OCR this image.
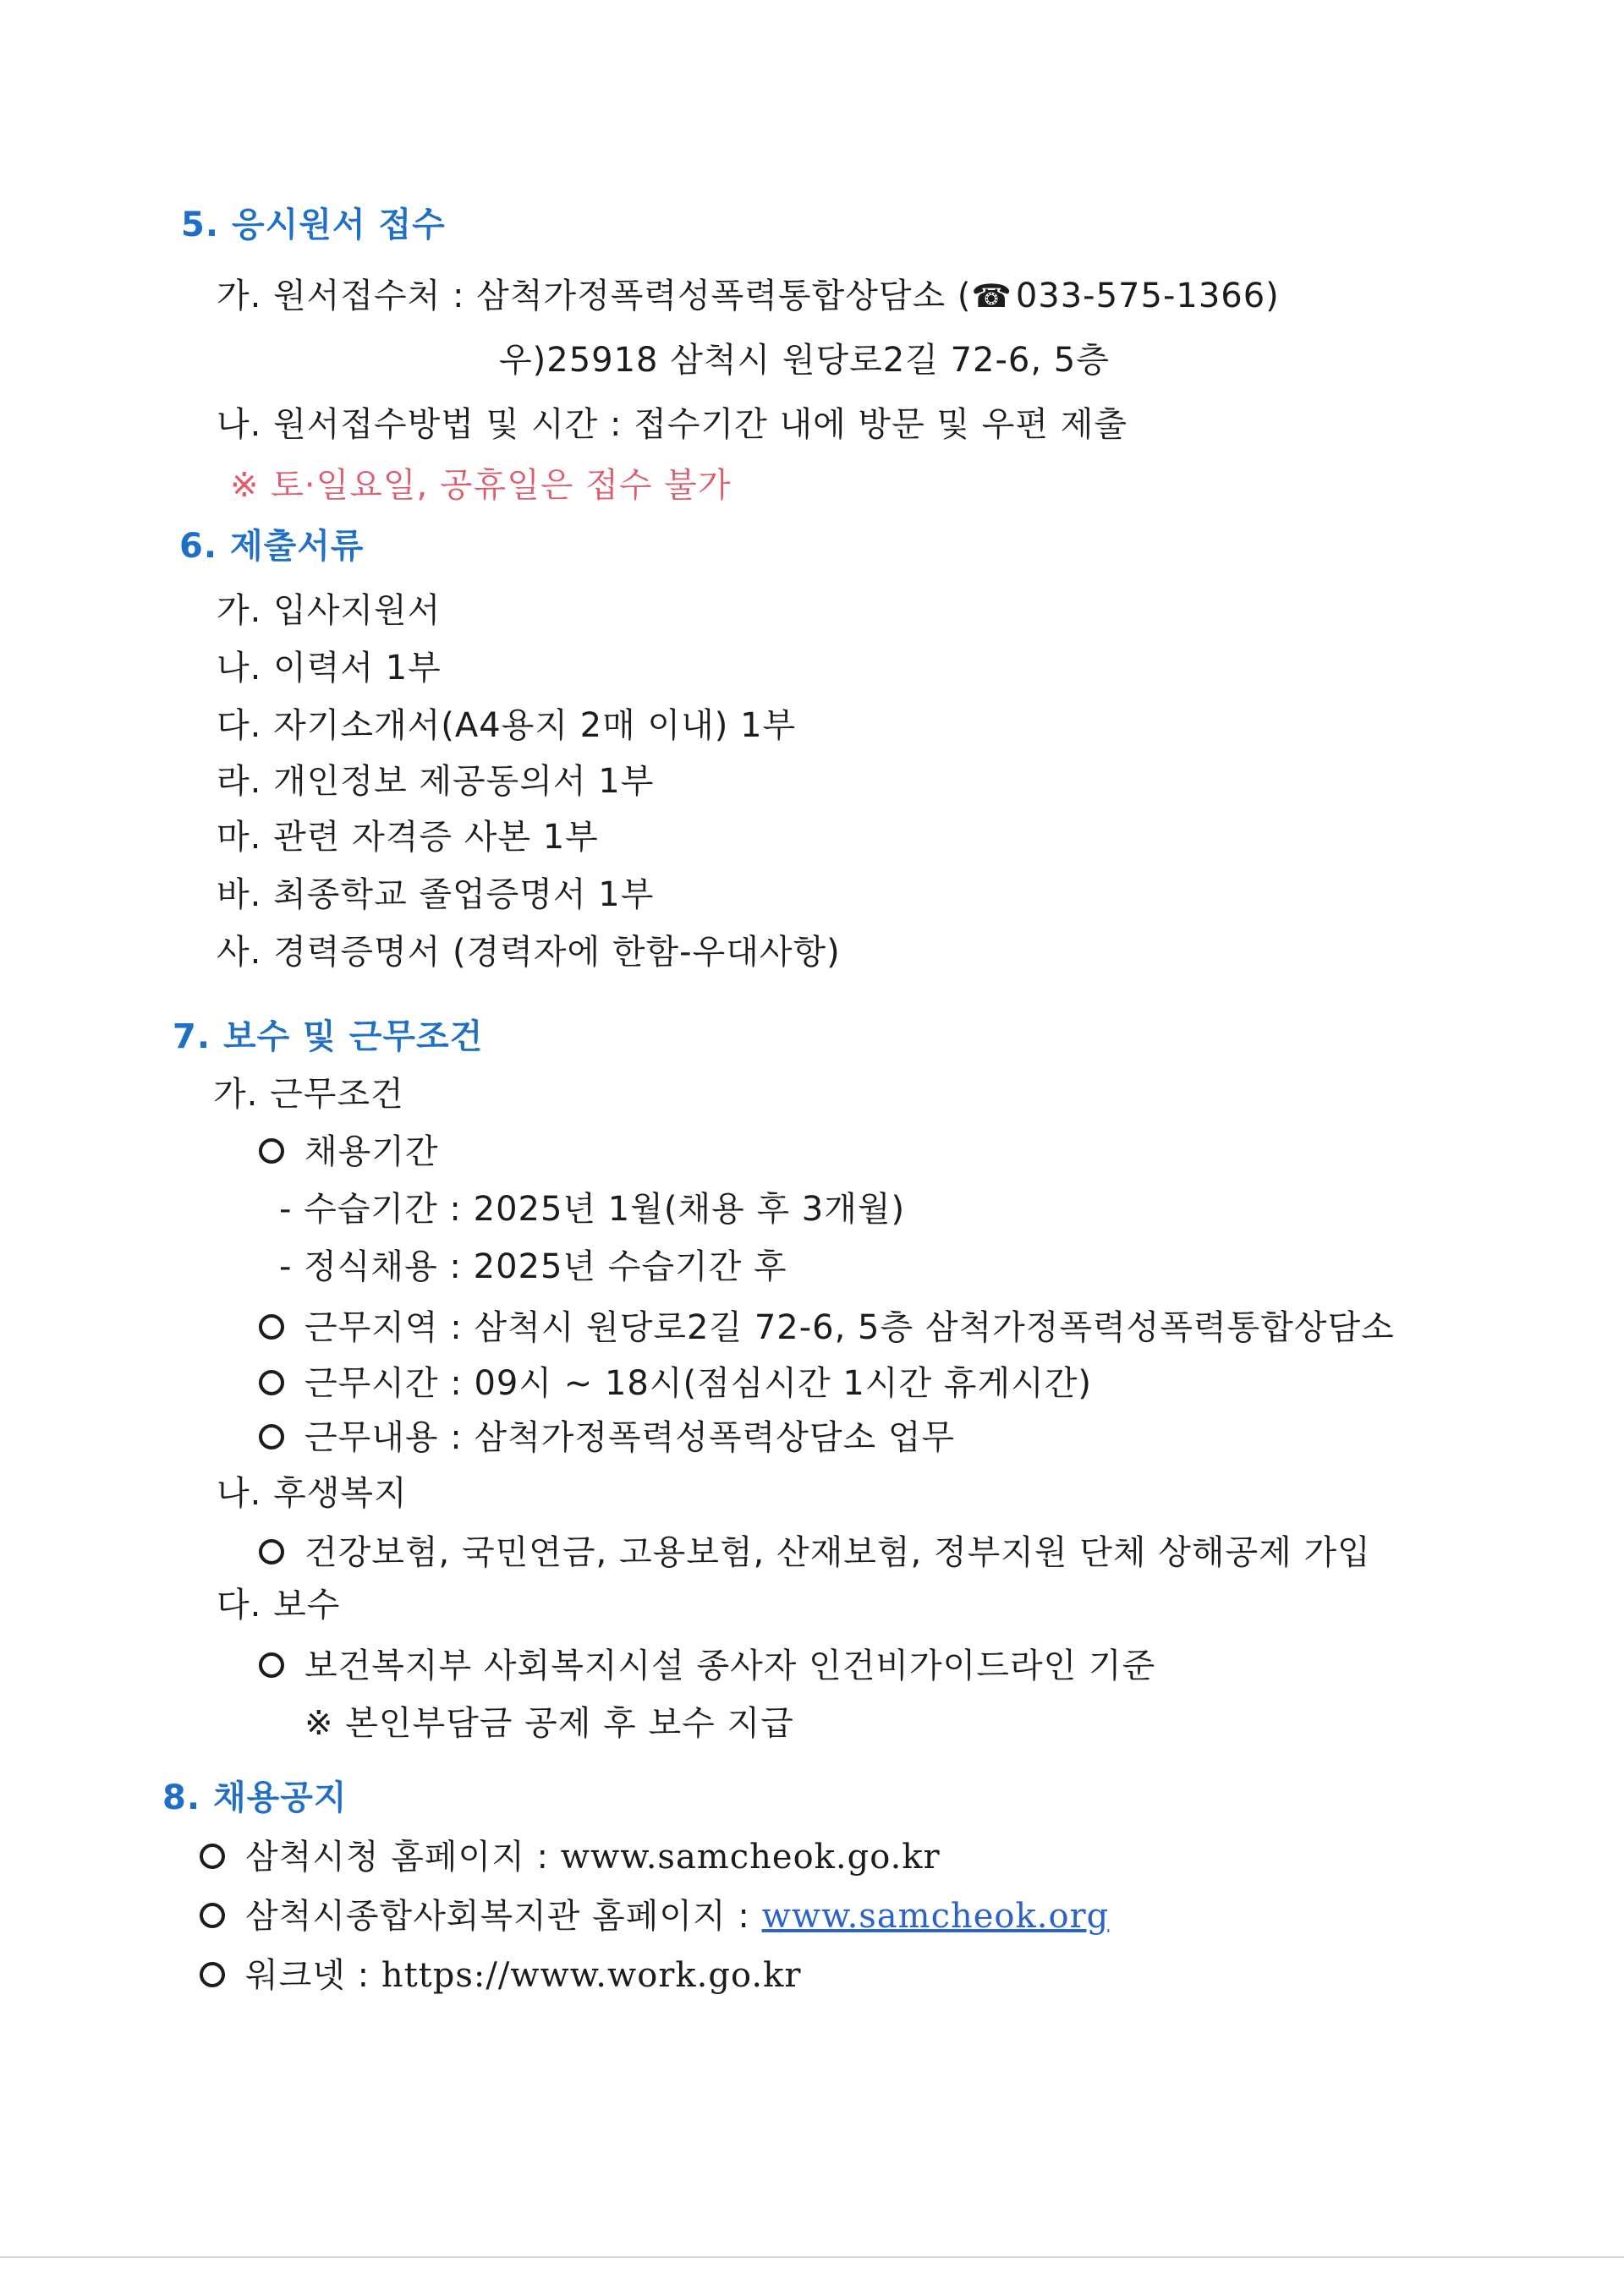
5. 응시원서 접수

가. 원서접수처 : 삼척가정폭력성폭력통합상담소 (☎ 033-575-1366)

우)25918 삼척시 원당로2길 72-6, 5층

나. 원서접수방법 및 시간 : 접수기간 내에 방문 및 우편 제출

※ 토·일요일, 공휴일은 접수 불가

6. 제출서류

가. 입사지원서

나. 이력서 1부

다. 자기소개서(A4용지 2매 이내) 1부

라. 개인정보 제공동의서 1부

마. 관련 자격증 사본 1부

바. 최종학교 졸업증명서 1부

사. 경력증명서 (경력자에 한함-우대사항)

7. 보수 및 근무조건

가. 근무조건

채용기간

- 수습기간 : 2025년 1월(채용 후 3개월)

- 정식채용 : 2025년 수습기간 후

근무지역 : 삼척시 원당로2길 72-6, 5층 삼척가정폭력성폭력통합상담소

근무시간 : 09시 ~ 18시(점심시간 1시간 휴게시간)

근무내용 : 삼척가정폭력성폭력상담소 업무

나. 후생복지

건강보험, 국민연금, 고용보험, 산재보험, 정부지원 단체 상해공제 가입

다. 보수

보건복지부 사회복지시설 종사자 인건비가이드라인 기준

※ 본인부담금 공제 후 보수 지급

8. 채용공지

삼척시청 홈페이지 : www.samcheok.go.kr

삼척시종합사회복지관 홈페이지 : www.samcheok.org

워크넷 : https://www.work.go.kr
